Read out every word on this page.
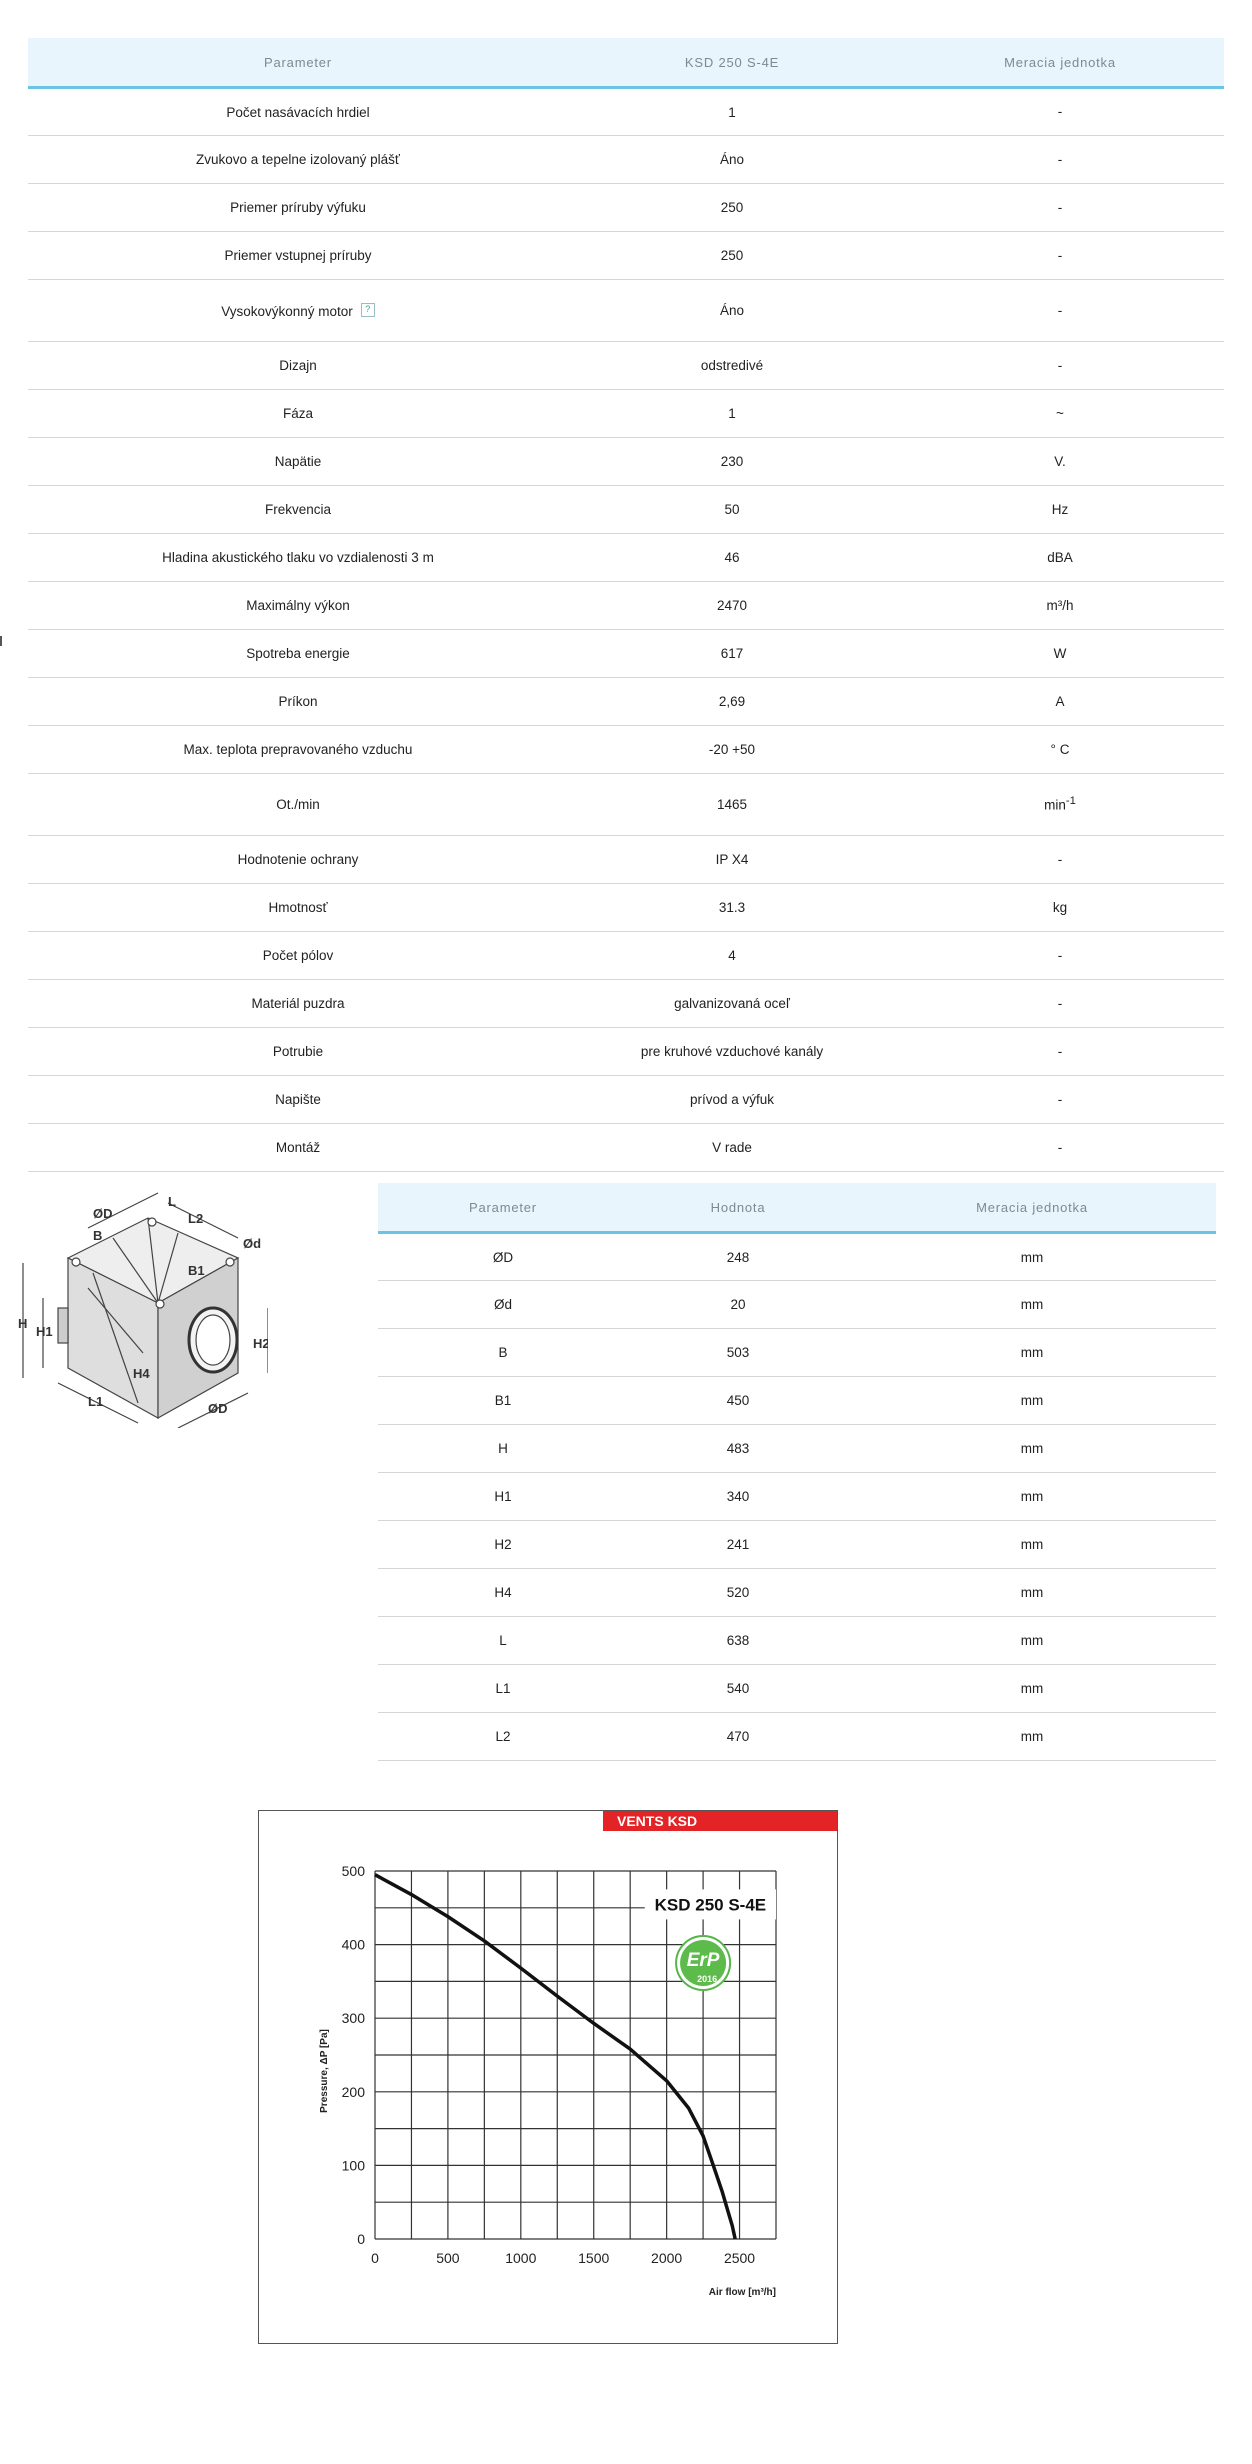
Parameter	KSD 250 S-4E	Meracia jednotka
Počet nasávacích hrdiel	1	-
Zvukovo a tepelne izolovaný plášť	Áno	-
Priemer príruby výfuku	250	-
Priemer vstupnej príruby	250	-
Vysokovýkonný motor ?	Áno	-
Dizajn	odstredivé	-
Fáza	1	~
Napätie	230	V.
Frekvencia	50	Hz
Hladina akustického tlaku vo vzdialenosti 3 m	46	dBA
Maximálny výkon	2470	m³/h
Spotreba energie	617	W
Príkon	2,69	A
Max. teplota prepravovaného vzduchu	-20 +50	° C
Ot./min	1465	$\min^{-1}$
Hodnotenie ochrany	IP X4	-
Hmotnosť	31.3	kg
Počet pólov	4	-
Materiál puzdra	galvanizovaná oceľ	-
Potrubie	pre kruhové vzduchové kanály	-
Napište	prívod a výfuk	-
Montáž	V rade	-
ØD
L
L2
B
B1
Ød
H
H1
H4
H2
ØD
L1
Parameter	Hodnota	Meracia jednotka
ØD	248	mm
Ød	20	mm
B	503	mm
B1	450	mm
H	483	mm
H1	340	mm
H2	241	mm
H4	520	mm
L	638	mm
L1	540	mm
L2	470	mm
VENTS KSD
0	500	1000	1500	2000	2500
0
100
200
300
400
500
Air flow [m³/h]
Pressure, ΔP [Pa]
KSD 250 S-4E
ErP
2016
